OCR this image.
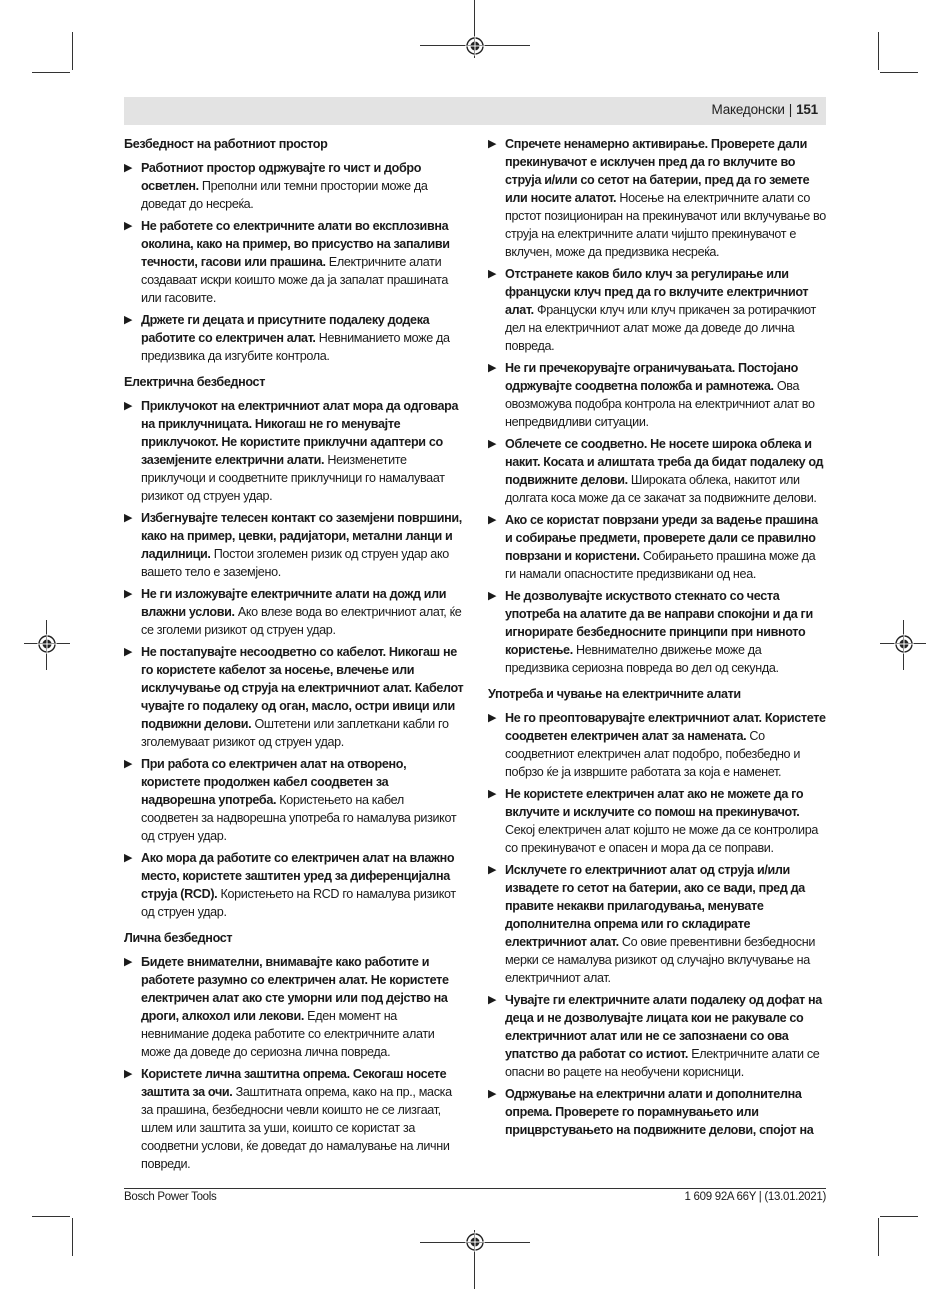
Македонски | 151
Безбедност на работниот простор
▶ Работниот простор одржувајте го чист и добро осветлен. Преполни или темни простории може да доведат до несреќа.
▶ Не работете со електричните алати во експлозивна околина, како на пример, во присуство на запаливи течности, гасови или прашина. Електричните алати создаваат искри коишто може да ја запалат прашината или гасовите.
▶ Држете ги децата и присутните подалеку додека работите со електричен алат. Невниманието може да предизвика да изгубите контрола.
Електрична безбедност
▶ Приклучокот на електричниот алат мора да одговара на приклучницата. Никогаш не го менувајте приклучокот. Не користите приклучни адаптери со заземјените електрични алати. Неизменетите приклучоци и соодветните приклучници го намалуваат ризикот од струен удар.
▶ Избегнувајте телесен контакт со заземјени површини, како на пример, цевки, радијатори, метални ланци и ладилници. Постои зголемен ризик од струен удар ако вашето тело е заземјено.
▶ Не ги изложувајте електричните алати на дожд или влажни услови. Ако влезе вода во електричниот алат, ќе се зголеми ризикот од струен удар.
▶ Не постапувајте несоодветно со кабелот. Никогаш не го користете кабелот за носење, влечење или исклучување од струја на електричниот алат. Кабелот чувајте го подалеку од оган, масло, остри ивици или подвижни делови. Оштетени или заплеткани кабли го зголемуваат ризикот од струен удар.
▶ При работа со електричен алат на отворено, користете продолжен кабел соодветен за надворешна употреба. Користењето на кабел соодветен за надворешна употреба го намалува ризикот од струен удар.
▶ Ако мора да работите со електричен алат на влажно место, користете заштитен уред за диференцијална струја (RCD). Користењето на RCD го намалува ризикот од струен удар.
Лична безбедност
▶ Бидете внимателни, внимавајте како работите и работете разумно со електричен алат. Не користете електричен алат ако сте уморни или под дејство на дроги, алкохол или лекови. Еден момент на невнимание додека работите со електричните алати може да доведе до сериозна лична повреда.
▶ Користете лична заштитна опрема. Секогаш носете заштита за очи. Заштитната опрема, како на пр., маска за прашина, безбедносни чевли коишто не се лизгаат, шлем или заштита за уши, коишто се користат за соодветни услови, ќе доведат до намалување на лични повреди.
▶ Спречете ненамерно активирање. Проверете дали прекинувачот е исклучен пред да го вклучите во струја и/или со сетот на батерии, пред да го земете или носите алатот. Носење на електричните алати со прстот позициониран на прекинувачот или вклучување во струја на електричните алати чијшто прекинувачот е вклучен, може да предизвика несреќа.
▶ Отстранете каков било клуч за регулирање или француски клуч пред да го вклучите електричниот алат. Француски клуч или клуч прикачен за ротирачкиот дел на електричниот алат може да доведе до лична повреда.
▶ Не ги пречекорувајте ограничувањата. Постојано одржувајте соодветна положба и рамнотежа. Ова овозможува подобра контрола на електричниот алат во непредвидливи ситуации.
▶ Облечете се соодветно. Не носете широка облека и накит. Косата и алиштата треба да бидат подалеку од подвижните делови. Широката облека, накитот или долгата коса може да се закачат за подвижните делови.
▶ Ако се користат поврзани уреди за вадење прашина и собирање предмети, проверете дали се правилно поврзани и користени. Собирањето прашина може да ги намали опасностите предизвикани од неа.
▶ Не дозволувајте искуството стекнато со честа употреба на алатите да ве направи спокојни и да ги игнорирате безбедносните принципи при нивното користење. Невнимателно движење може да предизвика сериозна повреда во дел од секунда.
Употреба и чување на електричните алати
▶ Не го преоптоварувајте електричниот алат. Користете соодветен електричен алат за намената. Со соодветниот електричен алат подобро, побезбедно и побрзо ќе ја извршите работата за која е наменет.
▶ Не користете електричен алат ако не можете да го вклучите и исклучите со помош на прекинувачот. Секој електричен алат којшто не може да се контролира со прекинувачот е опасен и мора да се поправи.
▶ Исклучете го електричниот алат од струја и/или извадете го сетот на батерии, ако се вади, пред да правите некакви прилагодувања, менувате дополнителна опрема или го складирате електричниот алат. Со овие превентивни безбедносни мерки се намалува ризикот од случајно вклучување на електричниот алат.
▶ Чувајте ги електричните алати подалеку од дофат на деца и не дозволувајте лицата кои не ракувале со електричниот алат или не се запознаени со ова упатство да работат со истиот. Електричните алати се опасни во рацете на необучени корисници.
▶ Одржување на електрични алати и дополнителна опрема. Проверете го порамнувањето или прицврстувањето на подвижните делови, спојот на
Bosch Power Tools	1 609 92A 66Y | (13.01.2021)
